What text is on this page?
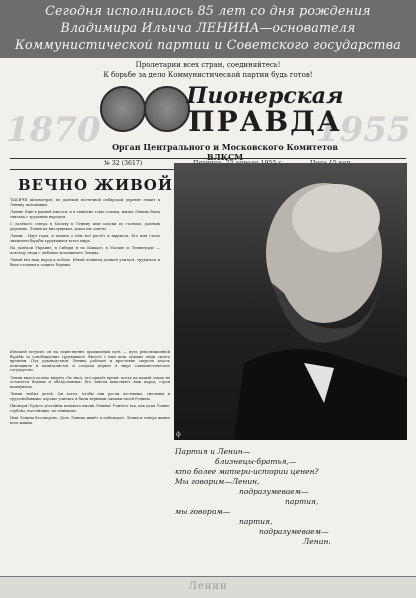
Сегодня исполнилось 85 лет со дня рождения
Владимира Ильича ЛЕНИНА—основателя
Коммунистической партии и Советского государства
Пролетарии всех стран, соединяйтесь!
К борьбе за дело Коммунистической партии будь готов!
1870	1955
Пионерская
ПРАВДА
Орган Центрального и Московского Комитетов ВЛКСМ
№ 32 (3617)
ВЕЧНО ЖИВОЙ

ТЫСЯЧИ километров, по далёкой поэтичной сибирской деревне лежит к Ленину паломники.

Ленин! Ещё в ранней юности, и в тяжёлые годы ссылки, жизнь Ленина была связана с трудовым народом.

С далёкого севера в Москву к Ленину шли ходоки из стоялых, далёких деревень. Ленин их выслушивал, давал им советы.

Ленин... Идут годы, и память о нём всё растёт и ширится. Его имя стало знаменем борьбы трудящихся всего мира.

На далёкой Украине, в Сибири и на Кавказе, в Москве и Ленинграде — повсюду люди с любовью вспоминают Ленина.

Ленин вёл наш народ к победе. Юный ленинец должен учиться, трудиться и быть готовым к защите Родины.

ф

Юношей вступил он на единственно правильный путь — путь революционной борьбы за освобождение трудящихся. Вместе с ним шли лучшие люди своего времени. Под руководством Ленина рабочие и крестьяне свергли власть помещиков и капиталистов и создали первое в мире социалистическое государство.

Ленин видел далеко вперёд. Он знал, что придёт время, когда на нашей земле не останется бедных и обездоленных. Его заветы выполняет наш народ, строя коммунизм.

Ленин любил детей. Он хотел, чтобы они росли честными, смелыми и трудолюбивыми, хорошо учились и были верными сынами своей Родины.

Пионеры! Будьте достойны великого имени Ленина! Учитесь так, как учил Ленин: глубоко, настойчиво, по-ленински.

Имя Ленина бессмертно. Дело Ленина живёт и побеждает. Ленин и теперь живее всех живых.

Партия и Ленин—
близнецы-братья,—
кто более матери-истории ценен?
Мы говорим—Ленин,
подразумеваем—
партия,
мы говорим—
партия,
подразумеваем—
Ленин.
Ленин
